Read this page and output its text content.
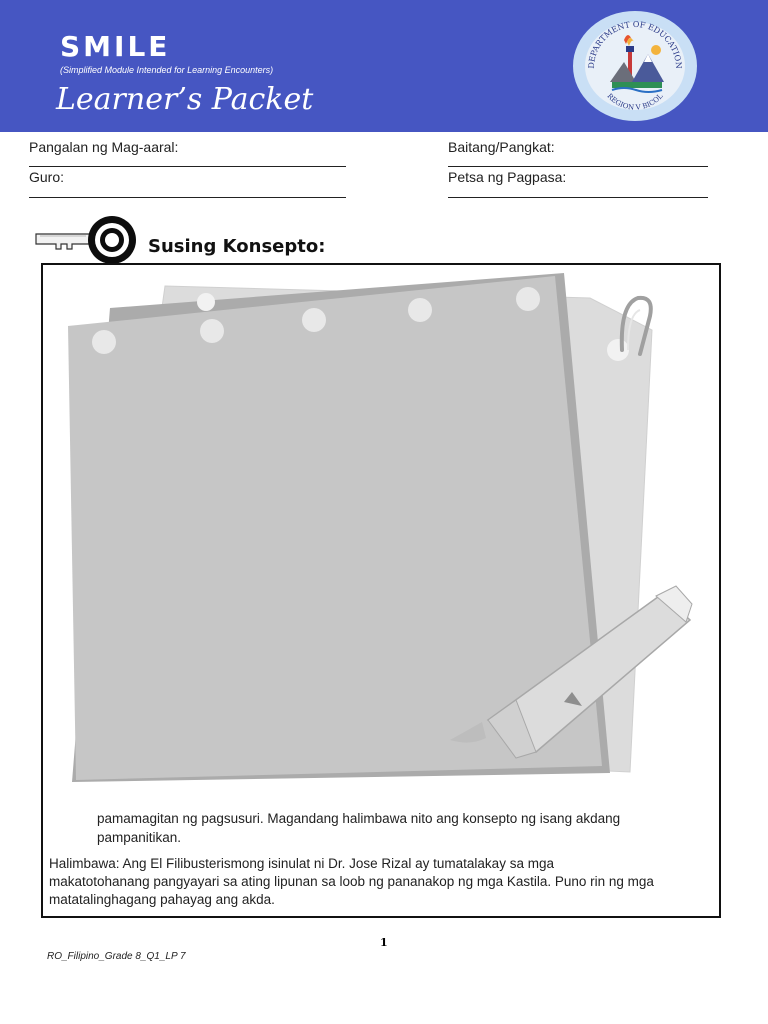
SMILE
(Simplified Module Intended for Learning Encounters)
Learner’s Packet
DEPARTMENT OF EDUCATION
REGION V BICOL
Pangalan ng Mag-aaral:	Baitang/Pangkat:
Guro:	Petsa ng Pagpasa:
Susing Konsepto:
pamamagitan ng pagsusuri. Magandang halimbawa nito ang konsepto ng isang akdang
pampanitikan.
Halimbawa: Ang El Filibusterismong isinulat ni Dr. Jose Rizal ay tumatalakay sa mga
makatotohanang pangyayari sa ating lipunan sa loob ng pananakop ng mga Kastila. Puno rin ng mga
matatalinghagang pahayag ang akda.
1
RO_Filipino_Grade 8_Q1_LP 7
